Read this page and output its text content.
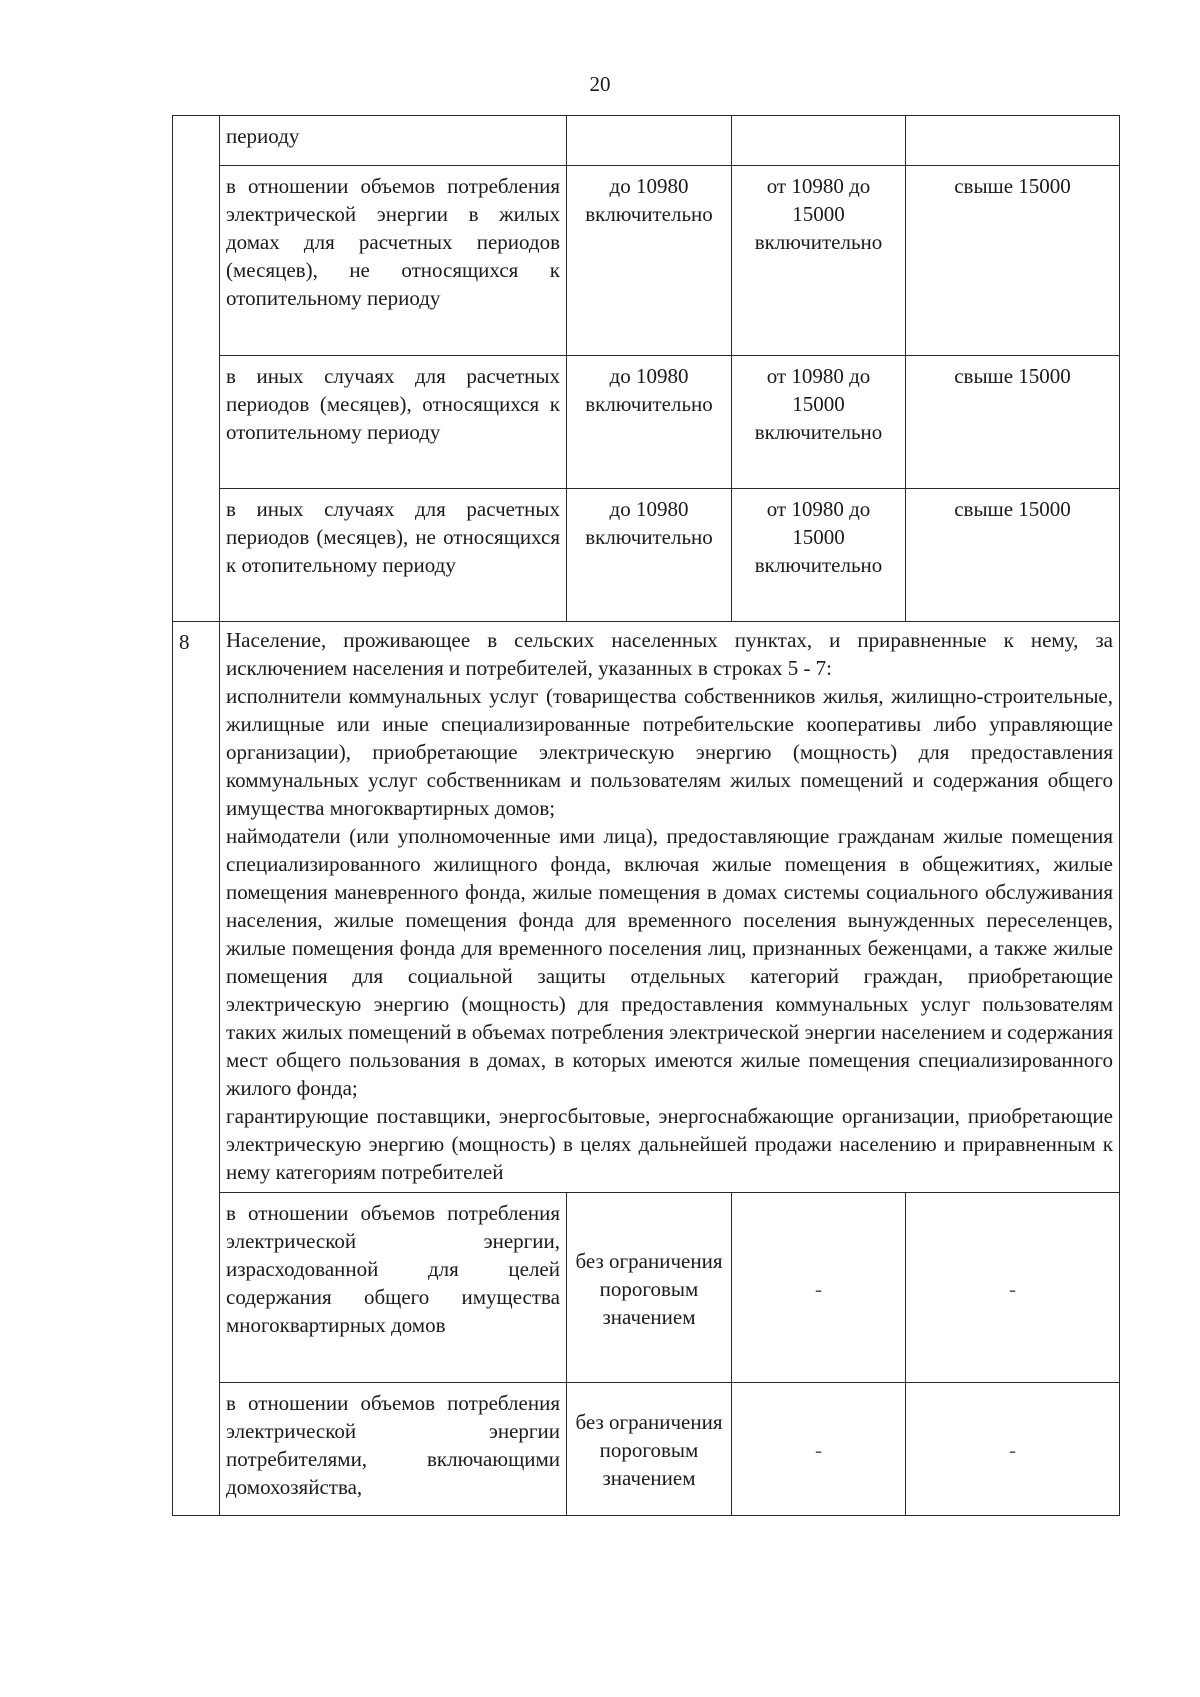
20
	периоду			
	в отношении объемов потребления электрической энергии в жилых домах для расчетных периодов (месяцев), не относящихся к отопительному периоду	до 10980 включительно	от 10980 до 15000 включительно	свыше 15000
	в иных случаях для расчетных периодов (месяцев), относящихся к отопительному периоду	до 10980 включительно	от 10980 до 15000 включительно	свыше 15000
	в иных случаях для расчетных периодов (месяцев), не относящихся к отопительному периоду	до 10980 включительно	от 10980 до 15000 включительно	свыше 15000
8	Население, проживающее в сельских населенных пунктах, и приравненные к нему, за исключением населения и потребителей, указанных в строках 5 - 7:
исполнители коммунальных услуг (товарищества собственников жилья, жилищно-строительные, жилищные или иные специализированные потребительские кооперативы либо управляющие организации), приобретающие электрическую энергию (мощность) для предоставления коммунальных услуг собственникам и пользователям жилых помещений и содержания общего имущества многоквартирных домов;
наймодатели (или уполномоченные ими лица), предоставляющие гражданам жилые помещения специализированного жилищного фонда, включая жилые помещения в общежитиях, жилые помещения маневренного фонда, жилые помещения в домах системы социального обслуживания населения, жилые помещения фонда для временного поселения вынужденных переселенцев, жилые помещения фонда для временного поселения лиц, признанных беженцами, а также жилые помещения для социальной защиты отдельных категорий граждан, приобретающие электрическую энергию (мощность) для предоставления коммунальных услуг пользователям таких жилых помещений в объемах потребления электрической энергии населением и содержания мест общего пользования в домах, в которых имеются жилые помещения специализированного жилого фонда;
гарантирующие поставщики, энергосбытовые, энергоснабжающие организации, приобретающие электрическую энергию (мощность) в целях дальнейшей продажи населению и приравненным к нему категориям потребителей			

	в отношении объемов потребления электрической энергии, израсходованной для целей содержания общего имущества многоквартирных домов	без ограничения пороговым значением	-	-
	в отношении объемов потребления электрической энергии потребителями, включающими домохозяйства,	без ограничения пороговым значением	-	-
